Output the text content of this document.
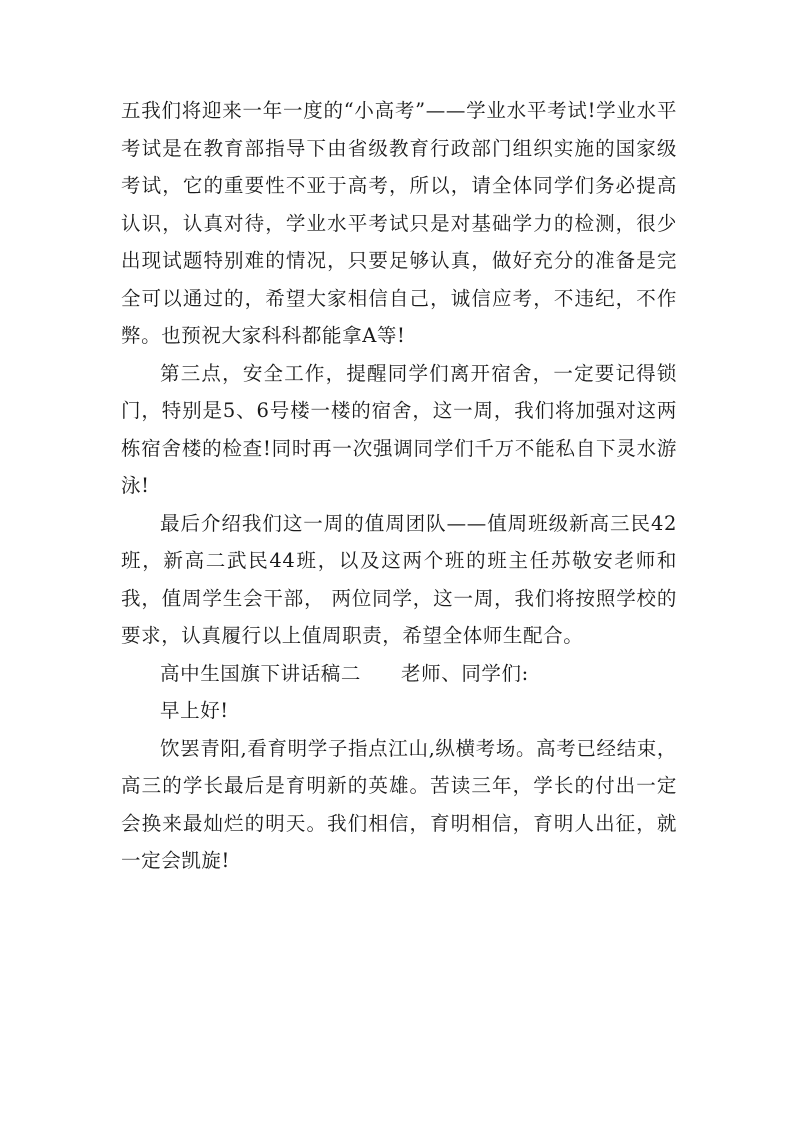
五我们将迎来一年一度的“小高考”——学业水平考试!学业水平考试是在教育部指导下由省级教育行政部门组织实施的国家级考试，它的重要性不亚于高考，所以，请全体同学们务必提高认识，认真对待，学业水平考试只是对基础学力的检测，很少出现试题特别难的情况，只要足够认真，做好充分的准备是完全可以通过的，希望大家相信自己，诚信应考，不违纪，不作弊。也预祝大家科科都能拿A等!

第三点，安全工作，提醒同学们离开宿舍，一定要记得锁门，特别是5、6号楼一楼的宿舍，这一周，我们将加强对这两栋宿舍楼的检查!同时再一次强调同学们千万不能私自下灵水游泳!

最后介绍我们这一周的值周团队——值周班级新高三民42班，新高二武民44班，以及这两个班的班主任苏敬安老师和我，值周学生会干部， 两位同学，这一周，我们将按照学校的要求，认真履行以上值周职责，希望全体师生配合。

高中生国旗下讲话稿二 老师、同学们:

早上好!

饮罢青阳,看育明学子指点江山,纵横考场。高考已经结束，高三的学长最后是育明新的英雄。苦读三年，学长的付出一定会换来最灿烂的明天。我们相信，育明相信，育明人出征，就一定会凯旋!
